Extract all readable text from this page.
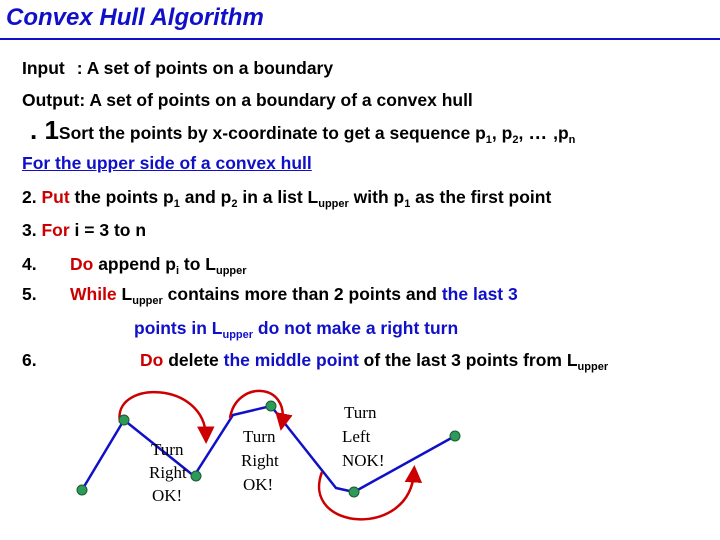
Convex Hull Algorithm
Input : A set of points on a boundary
Output: A set of points on a boundary of a convex hull
. 1Sort the points by x-coordinate to get a sequence $p_1$, $p_2$, … $,p_n$
For the upper side of a convex hull
2. Put the points $p_1$ and $p_2$ in a list $L_{upper}$ with $p_1$ as the first point
3. For i = 3 to n
4. Do append $p_i$ to $L_{upper}$
5. While $L_{upper}$ contains more than 2 points and the last 3
points in $L_{upper}$ do not make a right turn
6.	Do delete the middle point of the last 3 points from $L_{upper}$
Turn Right OK!
Turn Right OK!
Turn Left NOK!
